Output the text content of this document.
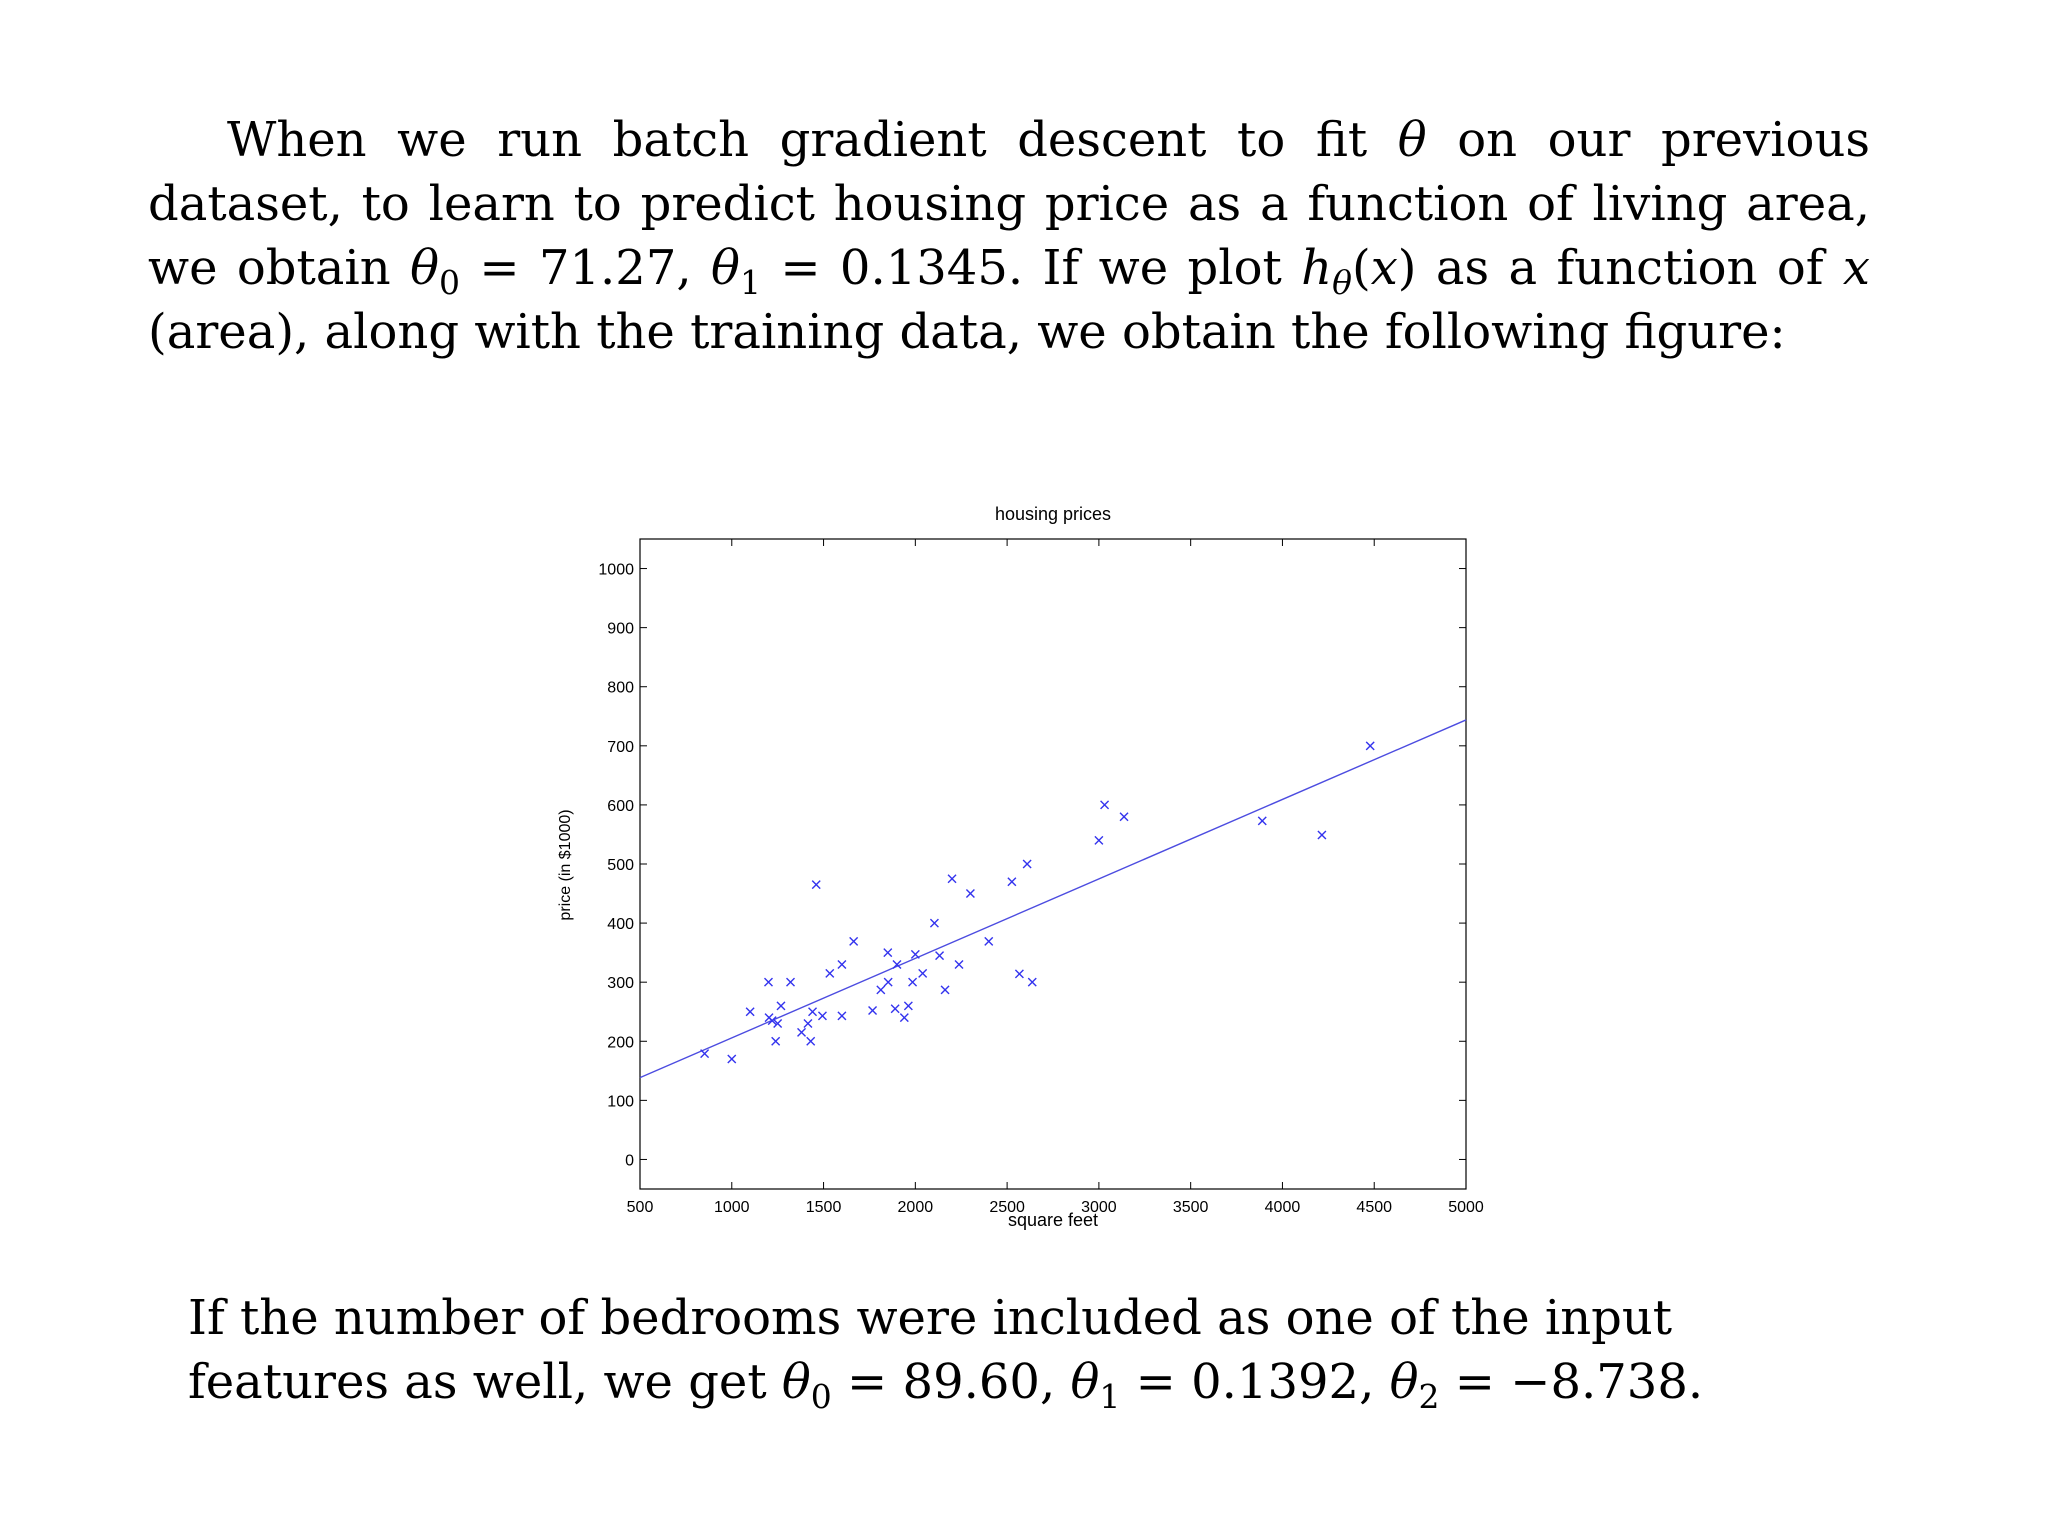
When we run batch gradient descent to fit θ on our previous dataset, to learn to predict housing price as a function of living area, we obtain $\theta_0 = 71.27$, $\theta_1 = 0.1345$. If we plot $h_\theta(x)$ as a function of x (area), along with the training data, we obtain the following figure:

500	1000	1500	2000	2500	3000	3500	4000	4500	5000
0
100
200
300
400
500
600
700
800
900
1000
housing prices
square feet
price (in $1000)

If the number of bedrooms were included as one of the input features as well, we get $\theta_0 = 89.60$, $\theta_1 = 0.1392$, $\theta_2 = -8.738$.
